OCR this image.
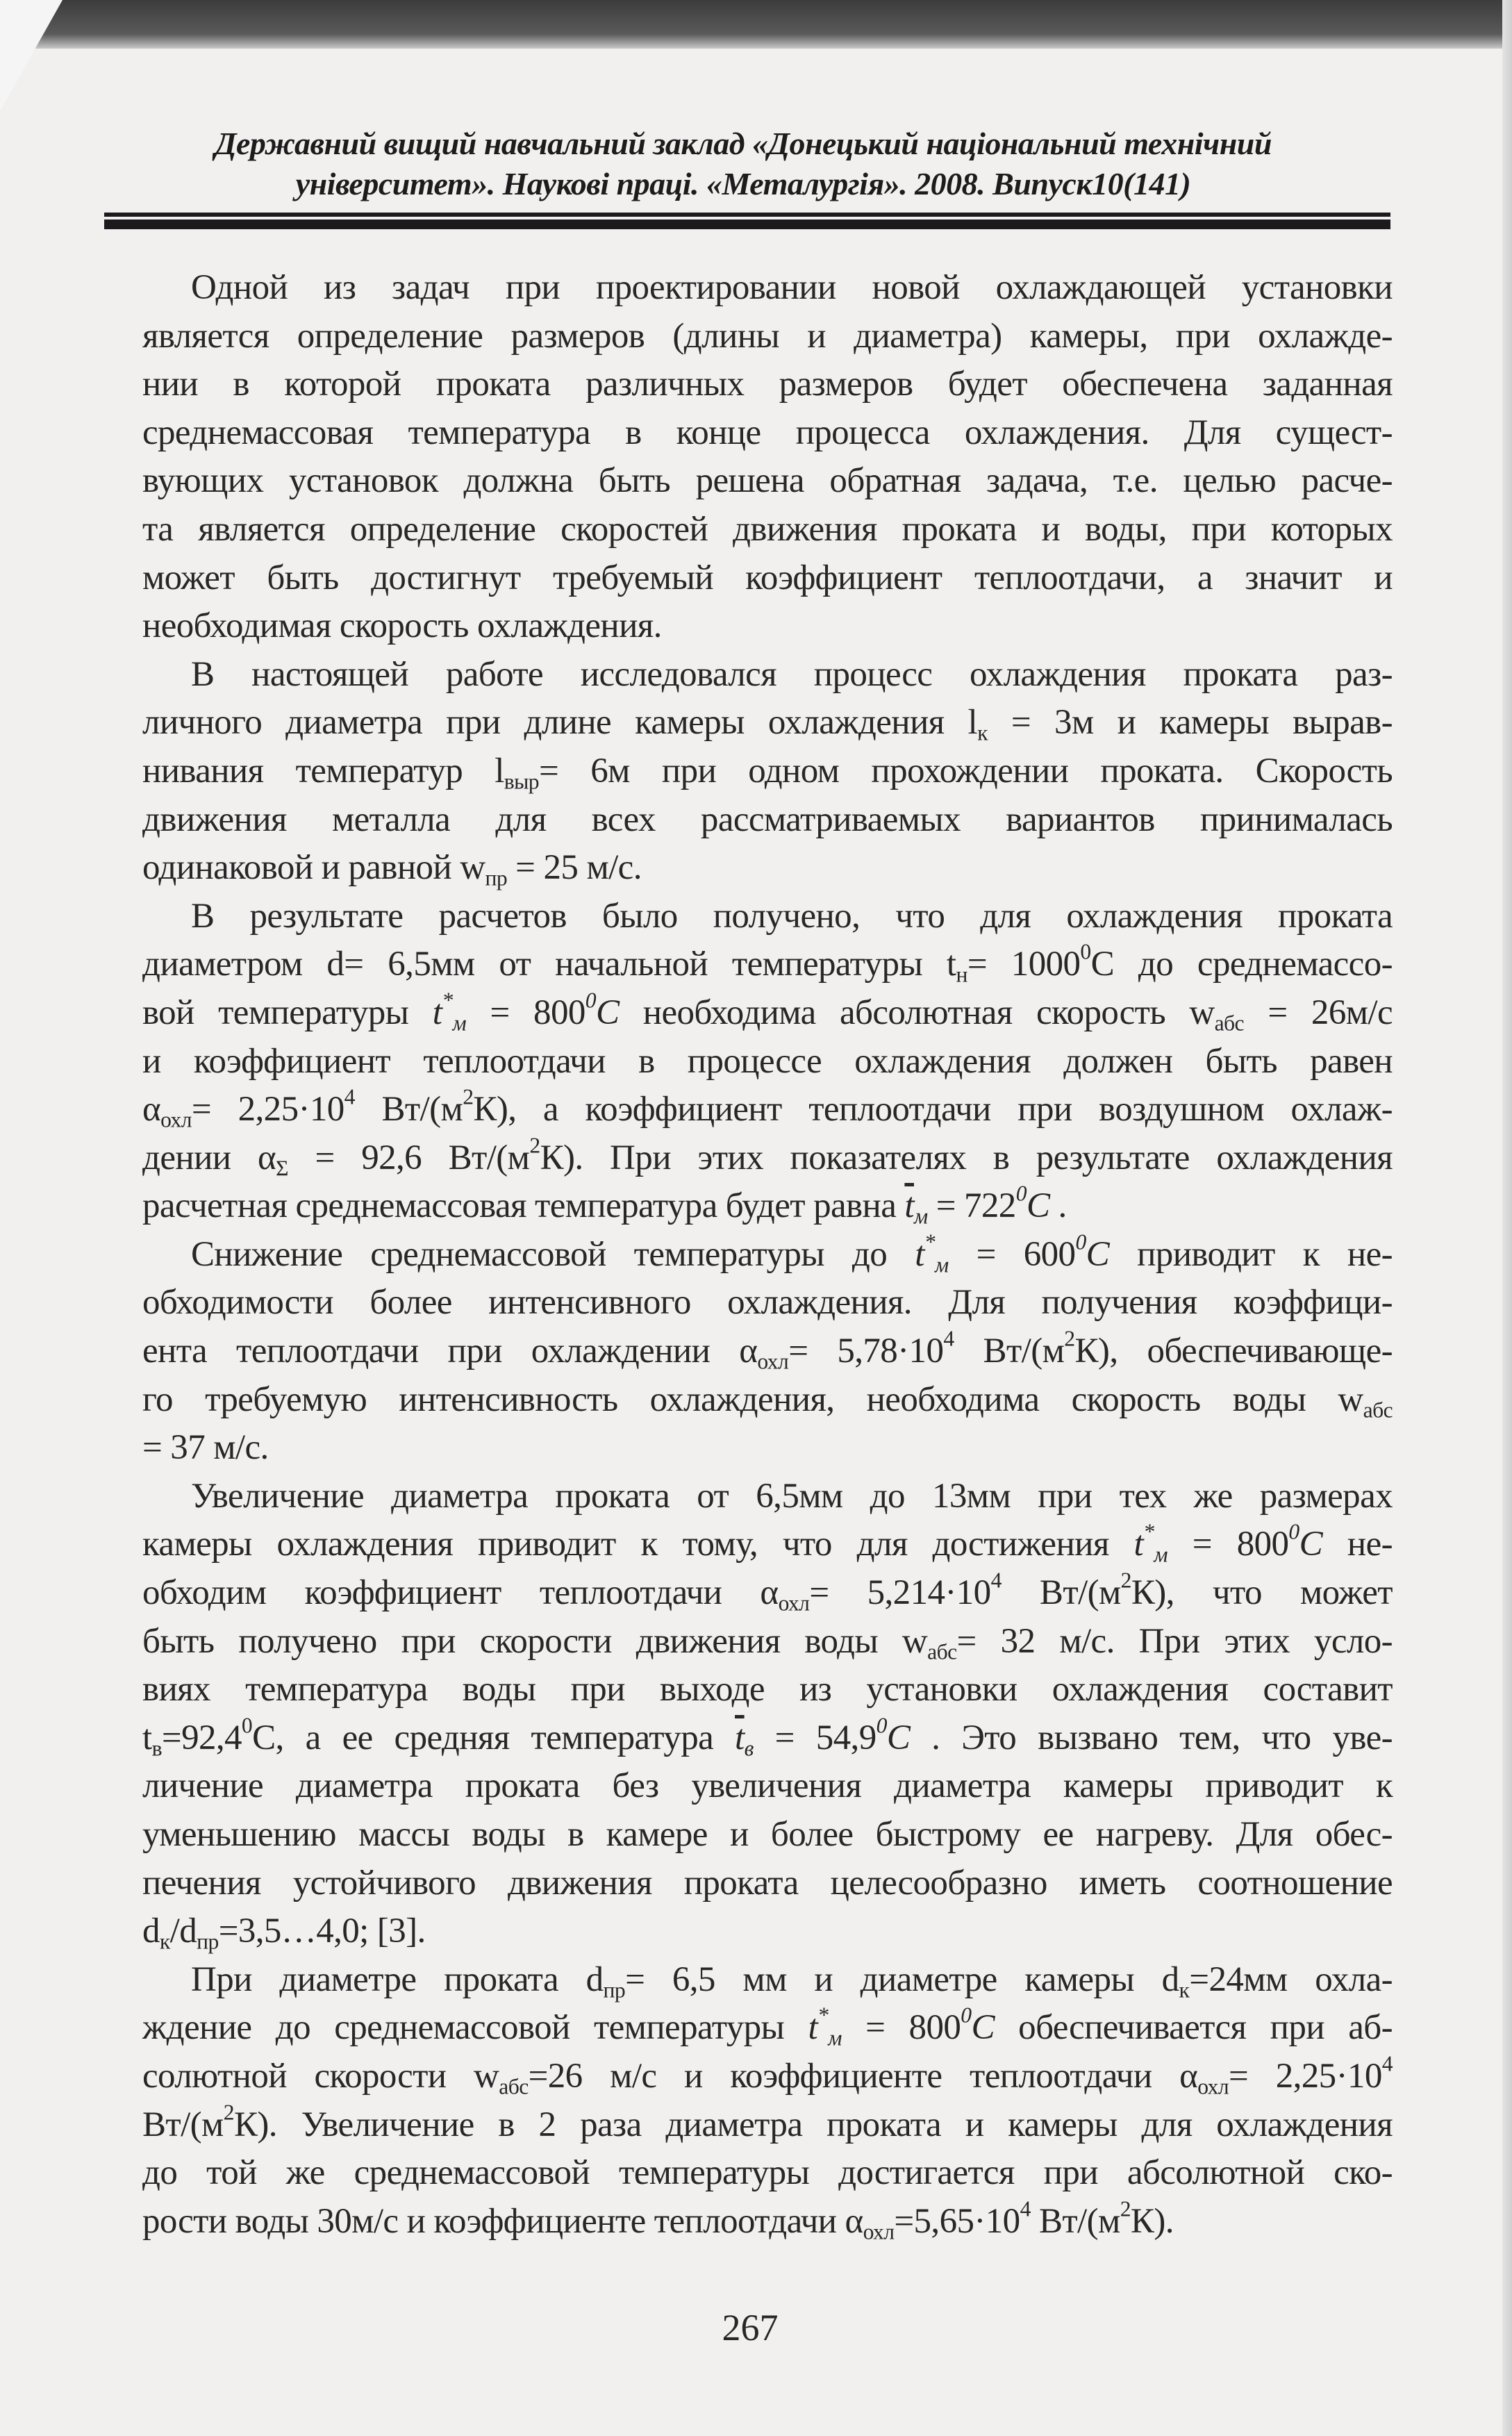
Державний вищий навчальний заклад «Донецький національний технічний
університет». Наукові праці. «Металургія». 2008. Випуск10(141)

Одной из задач при проектировании новой охлаждающей установки
является определение размеров (длины и диаметра) камеры, при охлажде-
нии в которой проката различных размеров будет обеспечена заданная
среднемассовая температура в конце процесса охлаждения. Для сущест-
вующих установок должна быть решена обратная задача, т.е. целью расче-
та является определение скоростей движения проката и воды, при которых
может быть достигнут требуемый коэффициент теплоотдачи, а значит и
необходимая скорость охлаждения.

В настоящей работе исследовался процесс охлаждения проката раз-
личного диаметра при длине камеры охлаждения $l_к = 3м$ и камеры вырав-
нивания температур $l_{выр}= 6м$ при одном прохождении проката. Скорость
движения металла для всех рассматриваемых вариантов принималась
одинаковой и равной $w_{пр} = 25$ м/с.

В результате расчетов было получено, что для охлаждения проката
диаметром d= 6,5мм от начальной температуры $t_н= 1000^0С$ до среднемассо-
вой температуры $t^*_м = 800^0C$ необходима абсолютная скорость $w_{абс} = 26м/с$
и коэффициент теплоотдачи в процессе охлаждения должен быть равен
$\alpha_{охл}= 2,25\cdot 10^4$ $Вт/(м^2К)$, а коэффициент теплоотдачи при воздушном охлаж-
дении $\alpha_\Sigma = 92,6$ $Вт/(м^2К)$. При этих показателях в результате охлаждения
расчетная среднемассовая температура будет равна $\overline{t}_м = 722^0C$ .

Снижение среднемассовой температуры до $t^*_м = 600^0C$ приводит к не-
обходимости более интенсивного охлаждения. Для получения коэффици-
ента теплоотдачи при охлаждении $\alpha_{охл}= 5,78\cdot 10^4$ $Вт/(м^2К)$, обеспечивающе-
го требуемую интенсивность охлаждения, необходима скорость воды $w_{абс}$
= 37 м/с.

Увеличение диаметра проката от 6,5мм до 13мм при тех же размерах
камеры охлаждения приводит к тому, что для достижения $t^*_м = 800^0C$ не-
обходим коэффициент теплоотдачи $\alpha_{охл}= 5,214\cdot 10^4$ $Вт/(м^2К)$, что может
быть получено при скорости движения воды $w_{абс}= 32$ м/с. При этих усло-
виях температура воды при выходе из установки охлаждения составит
$t_в=92,4^0С$, а ее средняя температура $\overline{t}_в = 54,9^0C$ . Это вызвано тем, что уве-
личение диаметра проката без увеличения диаметра камеры приводит к
уменьшению массы воды в камере и более быстрому ее нагреву. Для обес-
печения устойчивого движения проката целесообразно иметь соотношение
$d_к/d_{пр}=3,5\dots 4,0$; [3].

При диаметре проката $d_{пр}= 6,5$ мм и диаметре камеры $d_к=24мм$ охла-
ждение до среднемассовой температуры $t^*_м = 800^0C$ обеспечивается при аб-
солютной скорости $w_{абс}=26$ м/с и коэффициенте теплоотдачи $\alpha_{охл}= 2,25\cdot 10^4$
$Вт/(м^2К)$. Увеличение в 2 раза диаметра проката и камеры для охлаждения
до той же среднемассовой температуры достигается при абсолютной ско-
рости воды 30м/с и коэффициенте теплоотдачи $\alpha_{охл}=5,65\cdot 10^4$ $Вт/(м^2К)$.

267
